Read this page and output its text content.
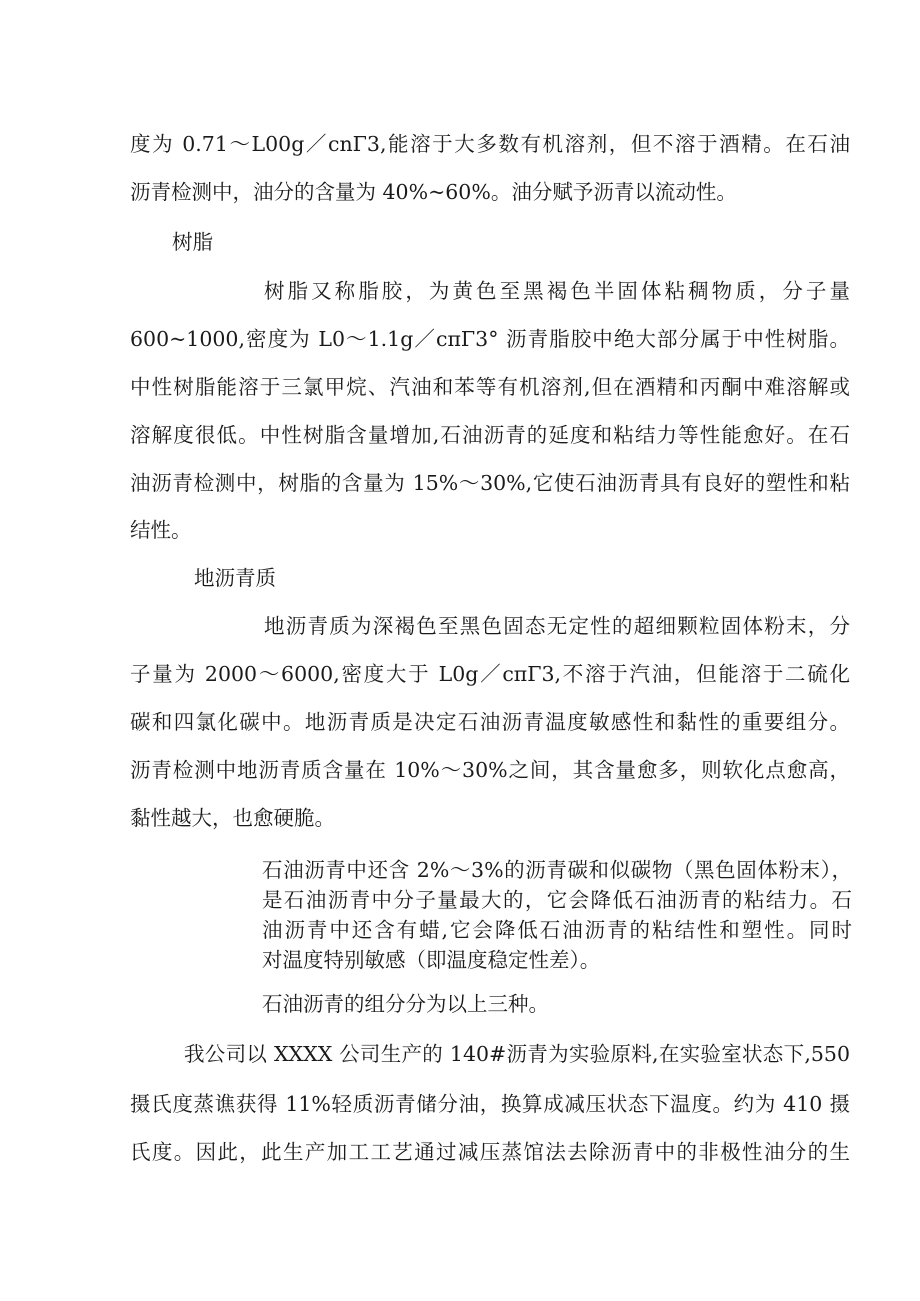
度为 0.71～L00g／cnΓ3,能溶于大多数有机溶剂，但不溶于酒精。在石油
沥青检测中，油分的含量为 40%~60%。油分赋予沥青以流动性。
树脂
树脂又称脂胶，为黄色至黑褐色半固体粘稠物质，分子量
600~1000,密度为 L0～1.1g／cπΓ3° 沥青脂胶中绝大部分属于中性树脂。
中性树脂能溶于三氯甲烷、汽油和苯等有机溶剂,但在酒精和丙酮中难溶解或
溶解度很低。中性树脂含量增加,石油沥青的延度和粘结力等性能愈好。在石
油沥青检测中，树脂的含量为 15%～30%,它使石油沥青具有良好的塑性和粘
结性。
地沥青质
地沥青质为深褐色至黑色固态无定性的超细颗粒固体粉末，分
子量为 2000～6000,密度大于 L0g／cπΓ3,不溶于汽油，但能溶于二硫化
碳和四氯化碳中。地沥青质是决定石油沥青温度敏感性和黏性的重要组分。
沥青检测中地沥青质含量在 10%～30%之间，其含量愈多，则软化点愈高，
黏性越大，也愈硬脆。
石油沥青中还含 2%～3%的沥青碳和似碳物（黑色固体粉末），
是石油沥青中分子量最大的，它会降低石油沥青的粘结力。石
油沥青中还含有蜡,它会降低石油沥青的粘结性和塑性。同时
对温度特别敏感（即温度稳定性差）。
石油沥青的组分分为以上三种。
我公司以 XXXX 公司生产的 140#沥青为实验原料,在实验室状态下,550
摄氏度蒸谯获得 11%轻质沥青储分油，换算成减压状态下温度。约为 410 摄
氏度。因此，此生产加工工艺通过减压蒸馆法去除沥青中的非极性油分的生
